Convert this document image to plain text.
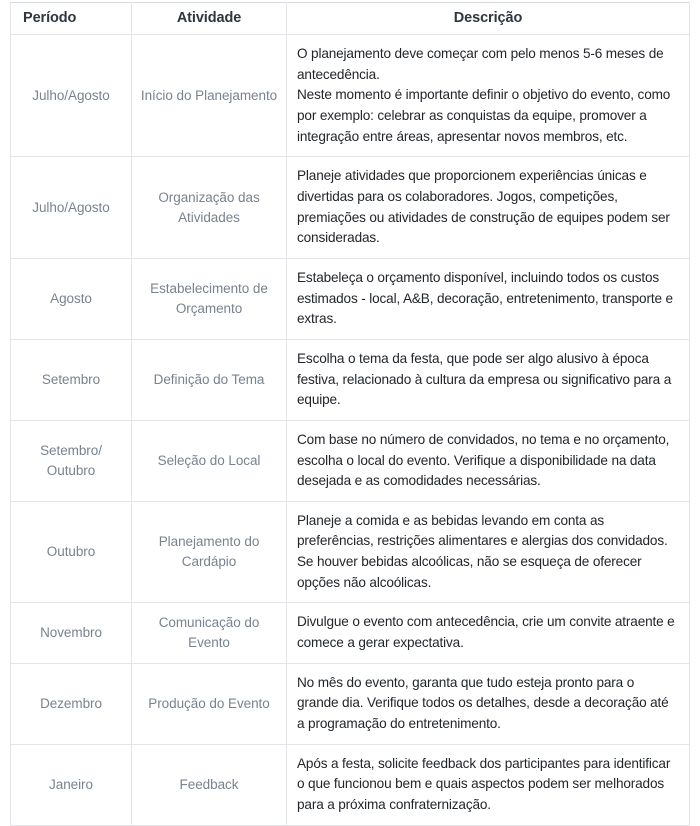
Período	Atividade	Descrição
Julho/Agosto	Início do Planejamento	O planejamento deve começar com pelo menos 5-6 meses de antecedência.

Neste momento é importante definir o objetivo do evento, como por exemplo: celebrar as conquistas da equipe, promover a integração entre áreas, apresentar novos membros, etc.

Julho/Agosto	Organização das Atividades	Planeje atividades que proporcionem experiências únicas e divertidas para os colaboradores. Jogos, competições, premiações ou atividades de construção de equipes podem ser consideradas.

Agosto	Estabelecimento de Orçamento	Estabeleça o orçamento disponível, incluindo todos os custos estimados - local, A&B, decoração, entretenimento, transporte e extras.

Setembro	Definição do Tema	Escolha o tema da festa, que pode ser algo alusivo à época festiva, relacionado à cultura da empresa ou significativo para a equipe.

Setembro/ Outubro	Seleção do Local	Com base no número de convidados, no tema e no orçamento, escolha o local do evento. Verifique a disponibilidade na data desejada e as comodidades necessárias.

Outubro	Planejamento do Cardápio	Planeje a comida e as bebidas levando em conta as preferências, restrições alimentares e alergias dos convidados. Se houver bebidas alcoólicas, não se esqueça de oferecer opções não alcoólicas.

Novembro	Comunicação do Evento	Divulgue o evento com antecedência, crie um convite atraente e comece a gerar expectativa.

Dezembro	Produção do Evento	No mês do evento, garanta que tudo esteja pronto para o grande dia. Verifique todos os detalhes, desde a decoração até a programação do entretenimento.

Janeiro	Feedback	Após a festa, solicite feedback dos participantes para identificar o que funcionou bem e quais aspectos podem ser melhorados para a próxima confraternização.
